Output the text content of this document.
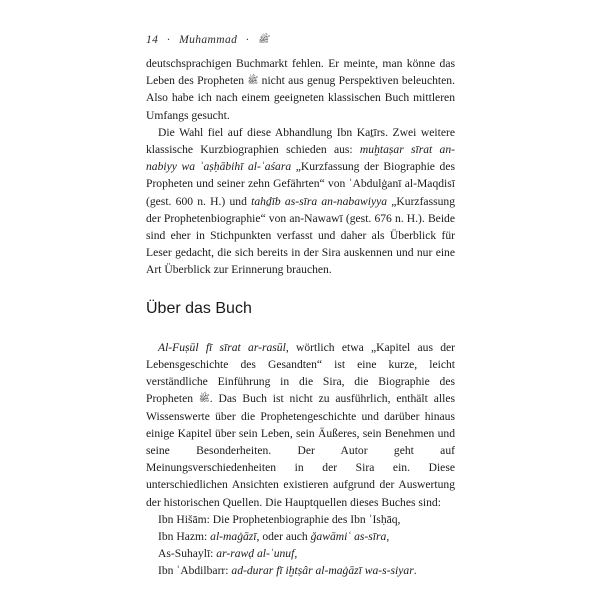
14 · Muhammad · ﷺ

deutschsprachigen Buchmarkt fehlen. Er meinte, man könne das Leben des Propheten ﷺ nicht aus genug Perspektiven beleuchten. Also habe ich nach einem geeigneten klassischen Buch mittleren Umfangs gesucht.

Die Wahl fiel auf diese Abhandlung Ibn Kaṯīrs. Zwei weitere klassische Kurzbiographien schieden aus: muḫtaṣar sīrat an-nabiyy wa ʾaṣḥābihī al-ʿaśara „Kurzfassung der Biographie des Propheten und seiner zehn Gefährten“ von ʾAbdulġanī al-Maqdisī (gest. 600 n. H.) und tahḏīb as-sīra an-nabawiyya „Kurzfassung der Prophetenbiographie“ von an-Nawawī (gest. 676 n. H.). Beide sind eher in Stichpunkten verfasst und daher als Überblick für Leser gedacht, die sich bereits in der Sira auskennen und nur eine Art Überblick zur Erinnerung brauchen.

Über das Buch

Al-Fuṣūl fī sīrat ar-rasūl, wörtlich etwa „Kapitel aus der Lebensgeschichte des Gesandten“ ist eine kurze, leicht verständliche Einführung in die Sira, die Biographie des Propheten ﷺ. Das Buch ist nicht zu ausführlich, enthält alles Wissenswerte über die Prophetengeschichte und darüber hinaus einige Kapitel über sein Leben, sein Äußeres, sein Benehmen und seine Besonderheiten. Der Autor geht auf Meinungsverschiedenheiten in der Sira ein. Diese unterschiedlichen Ansichten existieren aufgrund der Auswertung der historischen Quellen. Die Hauptquellen dieses Buches sind:

Ibn Hišām: Die Prophetenbiographie des Ibn ʾIsḥāq,
Ibn Hazm: al-maġāzī, oder auch ǧawāmiʿ as-sīra,
As-Suhaylī: ar-rawḍ al-ʾunuf,
Ibn ʿAbdilbarr: ad-durar fī iḫtṣâr al-maġāzī wa-s-siyar.
